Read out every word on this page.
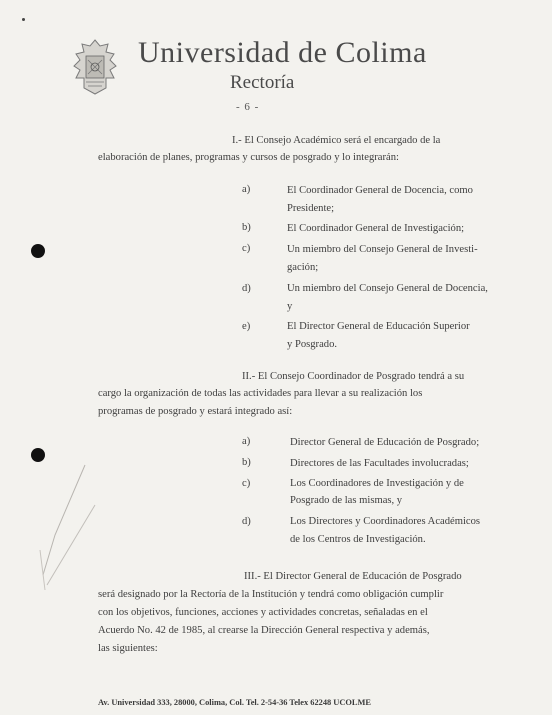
Universidad de Colima
Rectoría
- 6 -
I.- El Consejo Académico será el encargado de la
elaboración de planes, programas y cursos de posgrado y lo integrarán:
a)	El Coordinador General de Docencia, como
Presidente;
b)	El Coordinador General de Investigación;
c)	Un miembro del Consejo General de Investi-
gación;
d)	Un miembro del Consejo General de Docencia,
y
e)	El Director General de Educación Superior
y Posgrado.
II.- El Consejo Coordinador de Posgrado tendrá a su
cargo la organización de todas las actividades para llevar a su realización los
programas de posgrado y estará integrado así:
a)	Director General de Educación de Posgrado;
b)	Directores de las Facultades involucradas;
c)	Los Coordinadores de Investigación y de
Posgrado de las mismas, y
d)	Los Directores y Coordinadores Académicos
de los Centros de Investigación.
III.- El Director General de Educación de Posgrado
será designado por la Rectoría de la Institución y tendrá como obligación cumplir
con los objetivos, funciones, acciones y actividades concretas, señaladas en el
Acuerdo No. 42 de 1985, al crearse la Dirección General respectiva y además,
las siguientes:
Av. Universidad 333, 28000, Colima, Col. Tel. 2-54-36 Telex 62248 UCOLME
